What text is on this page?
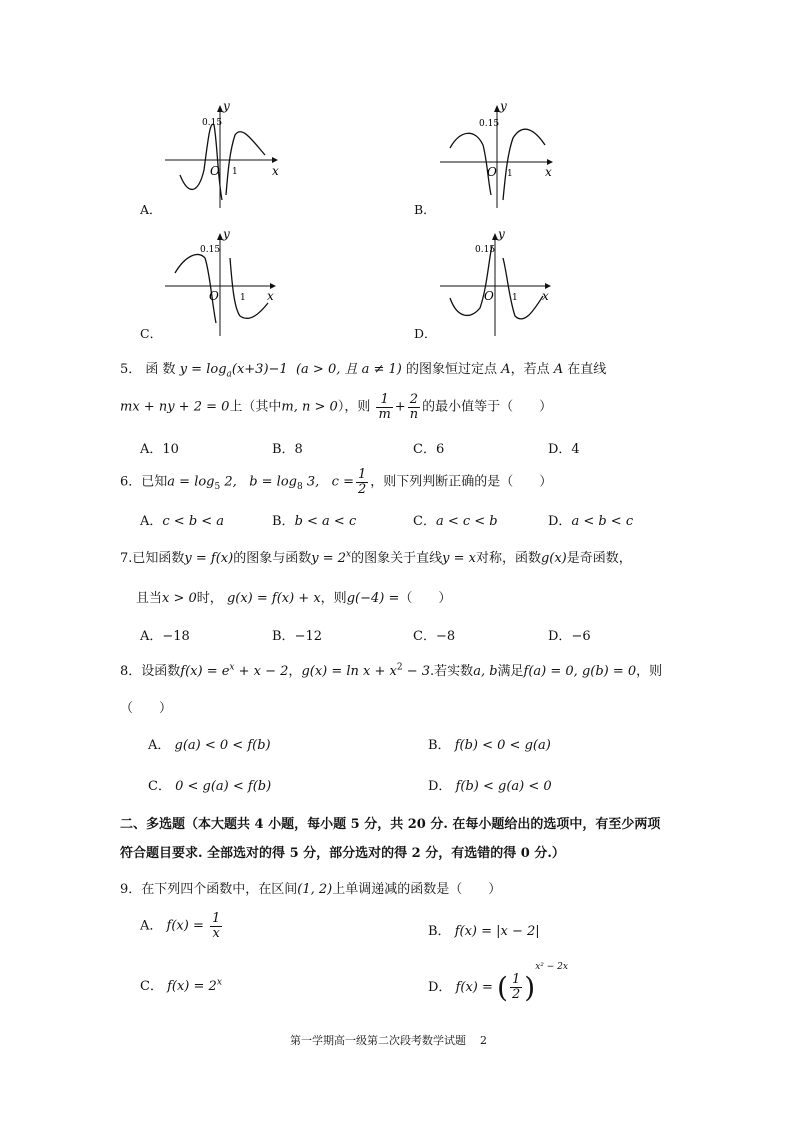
0.15
y
O 1	x
A．
0.15
y
O 1	x
B．
0.15
y
O 1 x
C．
0.15
y
O 1 x
D．
5． 函 数 $y = \log_a(x+3)-1$ (a > 0, 且 a ≠ 1) 的图象恒过定点 A，若点 A 在直线
mx + ny + 2 = 0上（其中m, n > 0），则 $\frac{1}{m} + \frac{2}{n}$ 的最小值等于（　　）
A．10	B．8	C．6	D．4
6．已知$a = \log_5 2$, $b = \log_8 3$, $c = \frac{1}{2}$ ，则下列判断正确的是（　　）
A．c < b < a	B．b < a < c	C．a < c < b	D．a < b < c
7.已知函数y = f(x)的图象与函数$y = 2^x$的图象关于直线y = x对称，函数g(x)是奇函数，
且当x > 0时， g(x) = f(x) + x，则g(−4) =（　　）
A．−18	B．−12	C．−8	D．−6
8．设函数$f(x) = e^x + x - 2$，$g(x) = \ln x + x^2 - 3$.若实数a, b满足f(a) = 0, g(b) = 0，则
（　　）
A． g(a) < 0 < f(b)	B． f(b) < 0 < g(a)
C． 0 < g(a) < f(b)	D． f(b) < g(a) < 0
二、多选题（本大题共 4 小题，每小题 5 分，共 20 分. 在每小题给出的选项中，有至少两项
符合题目要求. 全部选对的得 5 分，部分选对的得 2 分，有选错的得 0 分.）
9．在下列四个函数中，在区间(1, 2)上单调递减的函数是（　　）
A． $f(x) = \frac{1}{x}$	B． f(x) = |x − 2|
C． $f(x) = 2^x$	D． f(x) = ( $\frac{1}{2} )^{x^2 - 2x}$
第一学期高一级第二次段考数学试题 2
